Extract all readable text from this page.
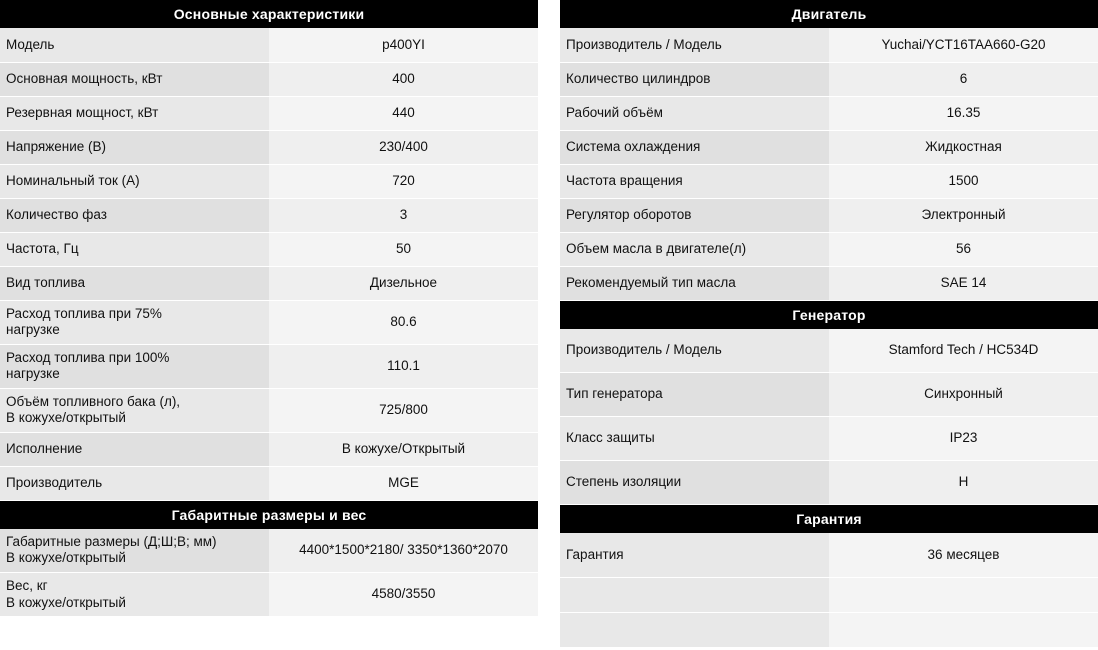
Основные характеристики	
Модель	p400YI
Основная мощность, кВт	400
Резервная мощност, кВт	440
Напряжение (В)	230/400
Номинальный ток (А)	720
Количество фаз	3
Частота, Гц	50
Вид топлива	Дизельное
Расход топлива при 75%
нагрузке	80.6
Расход топлива при 100%
нагрузке	110.1
Объём топливного бака (л),
В кожухе/открытый	725/800
Исполнение	В кожухе/Открытый
Производитель	MGE
Габаритные размеры и вес	
Габаритные размеры (Д;Ш;В; мм)
В кожухе/открытый	4400*1500*2180/ 3350*1360*2070
Вес, кг
В кожухе/открытый	4580/3550
Двигатель	
Производитель / Модель	Yuchai/YCT16TAA660-G20
Количество цилиндров	6
Рабочий объём	16.35
Система охлаждения	Жидкостная
Частота вращения	1500
Регулятор оборотов	Электронный
Объем масла в двигателе(л)	56
Рекомендуемый тип масла	SAE 14
Генератор	
Производитель / Модель	Stamford Tech / HC534D
Тип генератора	Синхронный
Класс защиты	IP23
Степень изоляции	H
Гарантия	
Гарантия	36 месяцев
